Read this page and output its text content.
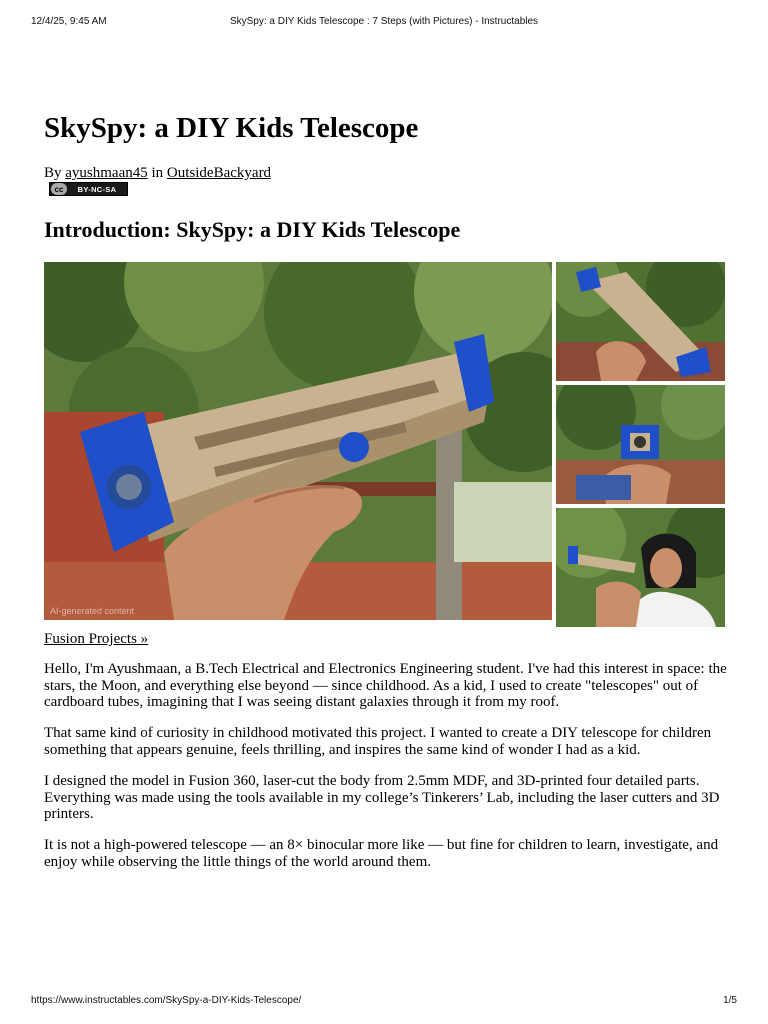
12/4/25, 9:45 AM	SkySpy: a DIY Kids Telescope : 7 Steps (with Pictures) - Instructables
SkySpy: a DIY Kids Telescope
By ayushmaan45 in OutsideBackyard
cc	BY-NC-SA
Introduction: SkySpy: a DIY Kids Telescope
AI-generated content
Fusion Projects »

Hello, I'm Ayushmaan, a B.Tech Electrical and Electronics Engineering student. I've had this interest in space: the stars, the Moon, and everything else beyond — since childhood. As a kid, I used to create "telescopes" out of cardboard tubes, imagining that I was seeing distant galaxies through it from my roof.

That same kind of curiosity in childhood motivated this project. I wanted to create a DIY telescope for children something that appears genuine, feels thrilling, and inspires the same kind of wonder I had as a kid.

I designed the model in Fusion 360, laser-cut the body from 2.5mm MDF, and 3D-printed four detailed parts. Everything was made using the tools available in my college’s Tinkerers’ Lab, including the laser cutters and 3D printers.

It is not a high-powered telescope — an 8× binocular more like — but fine for children to learn, investigate, and enjoy while observing the little things of the world around them.

https://www.instructables.com/SkySpy-a-DIY-Kids-Telescope/	1/5
